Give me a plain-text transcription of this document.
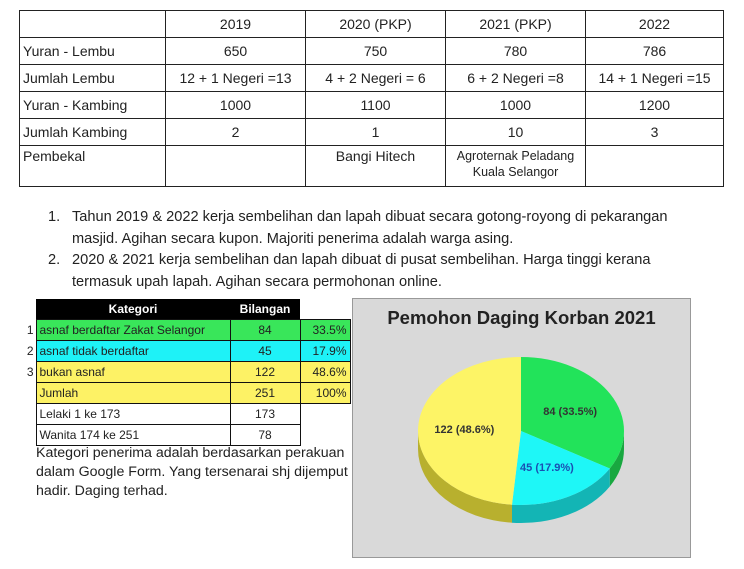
	2019	2020 (PKP)	2021 (PKP)	2022
Yuran - Lembu	650	750	780	786
Jumlah Lembu	12 + 1 Negeri =13	4 + 2 Negeri = 6	6 + 2 Negeri =8	14 + 1 Negeri =15
Yuran - Kambing	1000	1100	1000	1200
Jumlah Kambing	2	1	10	3
Pembekal		Bangi Hitech	Agroternak Peladang Kuala Selangor	
1. Tahun 2019 & 2022 kerja sembelihan dan lapah dibuat secara gotong-royong di pekarangan masjid. Agihan secara kupon. Majoriti penerima adalah warga asing.
2. 2020 & 2021 kerja sembelihan dan lapah dibuat di pusat sembelihan. Harga tinggi kerana termasuk upah lapah. Agihan secara permohonan online.
	Kategori	Bilangan	
1	asnaf berdaftar Zakat Selangor	84	33.5%
2	asnaf tidak berdaftar	45	17.9%
3	bukan asnaf	122	48.6%
	Jumlah	251	100%
	Lelaki 1 ke 173	173	
	Wanita 174 ke 251	78	

Kategori penerima adalah berdasarkan perakuan dalam Google Form. Yang tersenarai shj dijemput hadir. Daging terhad.

Pemohon Daging Korban 2021
84 (33.5%)
45 (17.9%)
122 (48.6%)
